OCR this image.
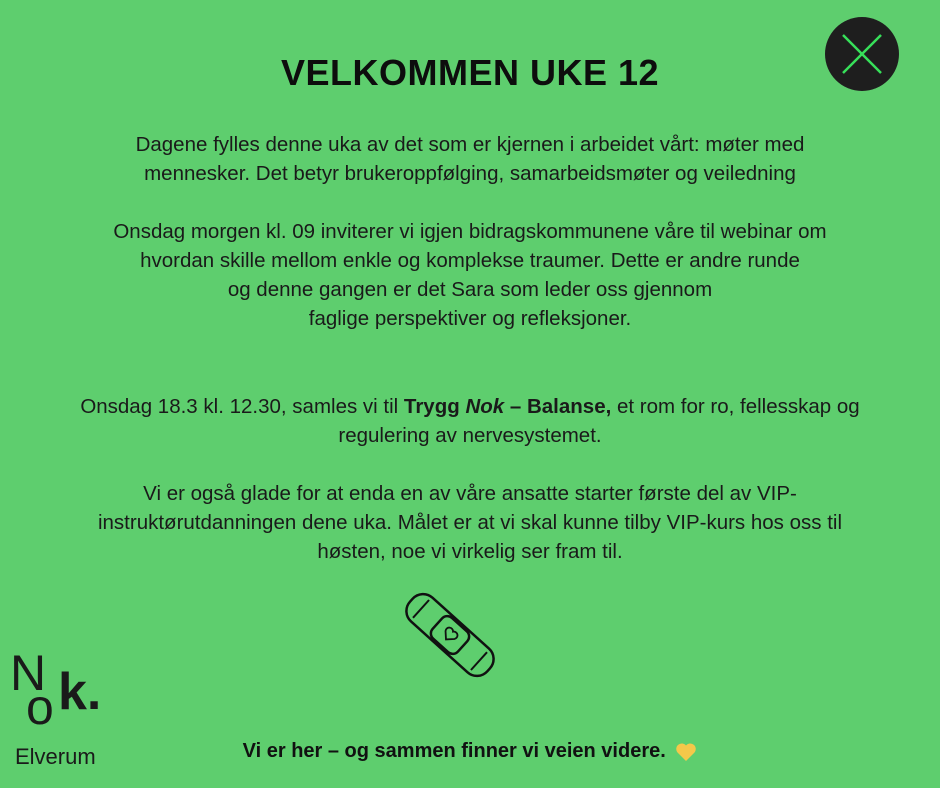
VELKOMMEN UKE 12
Dagene fylles denne uka av det som er kjernen i arbeidet vårt: møter med
mennesker. Det betyr brukeroppfølging, samarbeidsmøter og veiledning
Onsdag morgen kl. 09 inviterer vi igjen bidragskommunene våre til webinar om
hvordan skille mellom enkle og komplekse traumer. Dette er andre runde
og denne gangen er det Sara som leder oss gjennom
faglige perspektiver og refleksjoner.
Onsdag 18.3 kl. 12.30, samles vi til Trygg Nok – Balanse, et rom for ro, fellesskap og
regulering av nervesystemet.
Vi er også glade for at enda en av våre ansatte starter første del av VIP-
instruktørutdanningen dene uka. Målet er at vi skal kunne tilby VIP-kurs hos oss til
høsten, noe vi virkelig ser fram til.
N
o k.
Elverum	Vi er her – og sammen finner vi veien videre.
